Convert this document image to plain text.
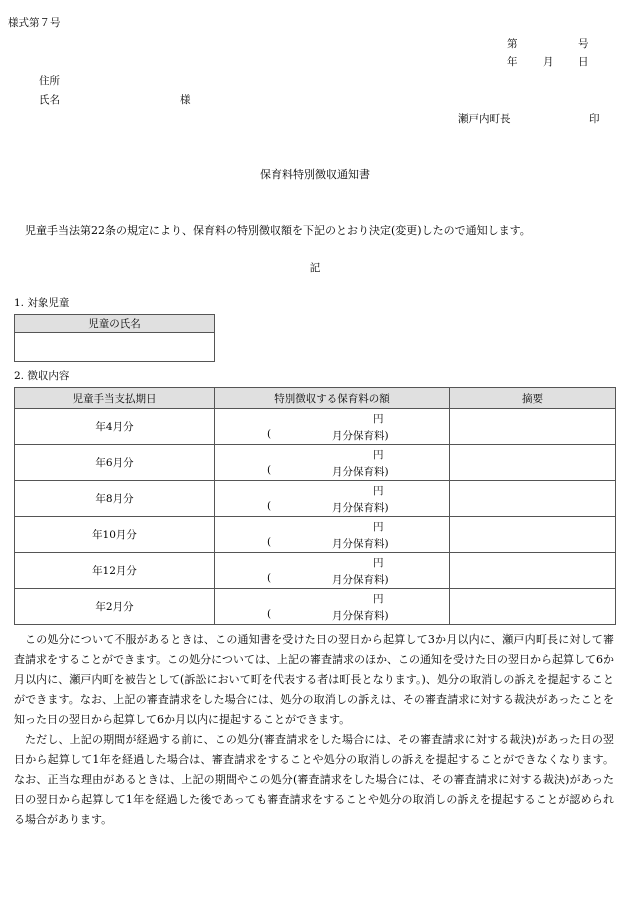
様式第７号
第	号
年 月 日
住所
氏名	様
瀬戸内町長	印
保育料特別徴収通知書
児童手当法第22条の規定により、保育料の特別徴収額を下記のとおり決定(変更)したので通知します。
記
1. 対象児童
児童の氏名

2. 徴収内容
児童手当支払期日	特別徴収する保育料の額	摘要
年4月分	円
( 月分保育料)	

年6月分	円
( 月分保育料)	

年8月分	円
( 月分保育料)	

年10月分	円
( 月分保育料)	

年12月分	円
( 月分保育料)	

年2月分	円
( 月分保育料)	

この処分について不服があるときは、この通知書を受けた日の翌日から起算して3か月以内に、瀬戸内町長に対して審査請求をすることができます。この処分については、上記の審査請求のほか、この通知を受けた日の翌日から起算して6か月以内に、瀬戸内町を被告として(訴訟において町を代表する者は町長となります。)、処分の取消しの訴えを提起することができます。なお、上記の審査請求をした場合には、処分の取消しの訴えは、その審査請求に対する裁決があったことを知った日の翌日から起算して6か月以内に提起することができます。

ただし、上記の期間が経過する前に、この処分(審査請求をした場合には、その審査請求に対する裁決)があった日の翌日から起算して1年を経過した場合は、審査請求をすることや処分の取消しの訴えを提起することができなくなります。なお、正当な理由があるときは、上記の期間やこの処分(審査請求をした場合には、その審査請求に対する裁決)があった日の翌日から起算して1年を経過した後であっても審査請求をすることや処分の取消しの訴えを提起することが認められる場合があります。
